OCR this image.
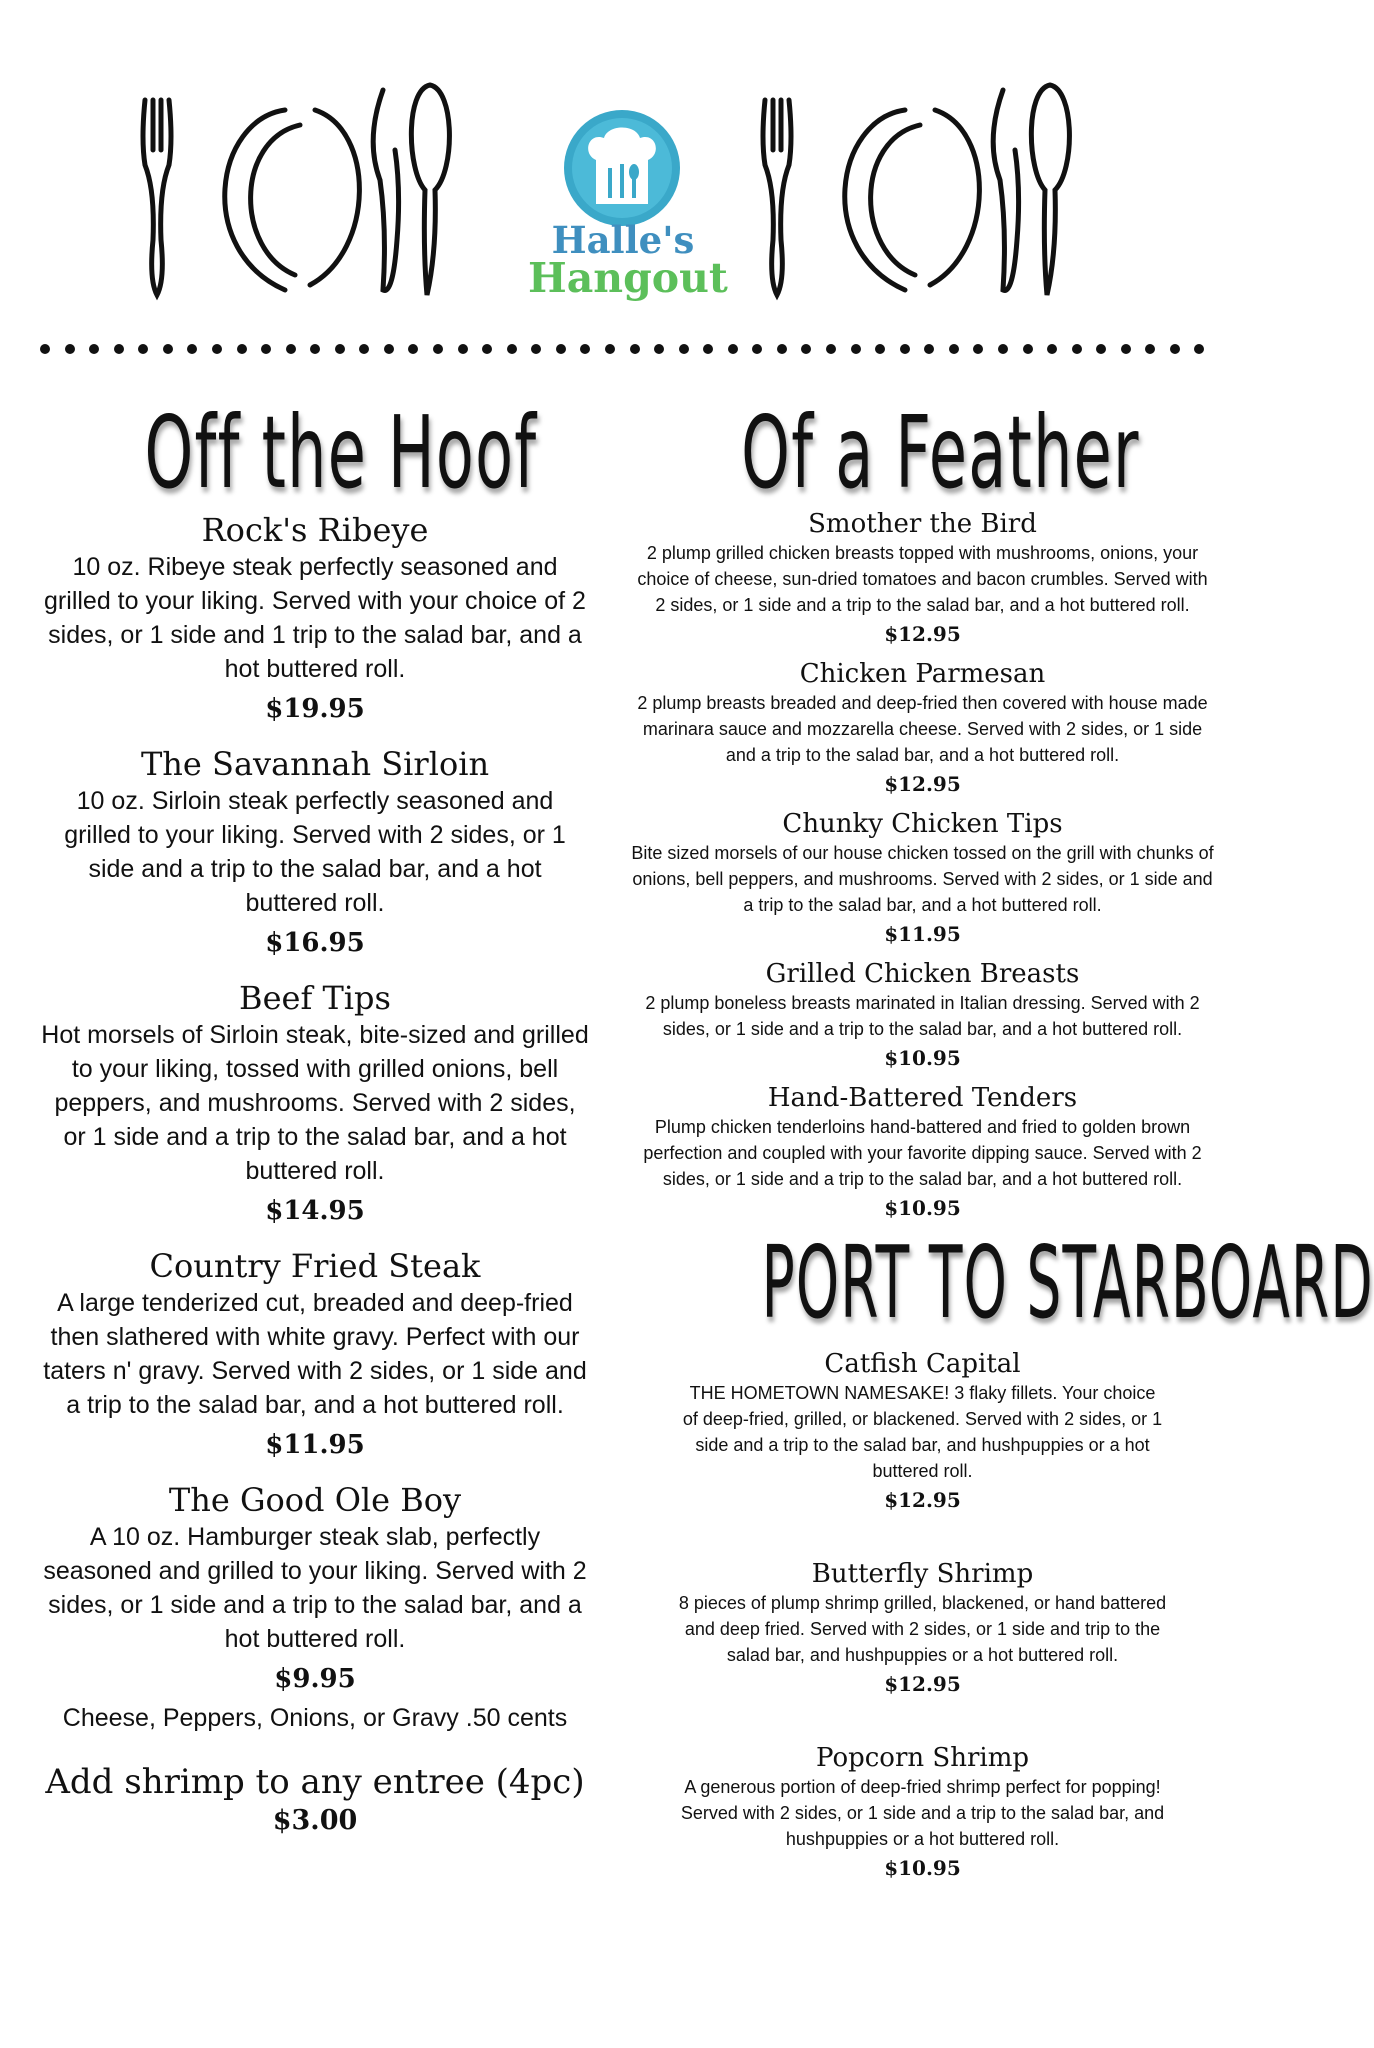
Halle's
Hangout
Off the Hoof
Rock's Ribeye
10 oz. Ribeye steak perfectly seasoned and grilled to your liking. Served with your choice of 2 sides, or 1 side and 1 trip to the salad bar, and a hot buttered roll.
$19.95
The Savannah Sirloin
10 oz. Sirloin steak perfectly seasoned and grilled to your liking. Served with 2 sides, or 1 side and a trip to the salad bar, and a hot buttered roll.
$16.95
Beef Tips
Hot morsels of Sirloin steak, bite-sized and grilled to your liking, tossed with grilled onions, bell peppers, and mushrooms. Served with 2 sides, or 1 side and a trip to the salad bar, and a hot buttered roll.
$14.95
Country Fried Steak
A large tenderized cut, breaded and deep-fried then slathered with white gravy. Perfect with our taters n' gravy. Served with 2 sides, or 1 side and a trip to the salad bar, and a hot buttered roll.
$11.95
The Good Ole Boy
A 10 oz. Hamburger steak slab, perfectly seasoned and grilled to your liking. Served with 2 sides, or 1 side and a trip to the salad bar, and a hot buttered roll.
$9.95
Cheese, Peppers, Onions, or Gravy .50 cents
Add shrimp to any entree (4pc)
$3.00
Of a Feather
Smother the Bird
2 plump grilled chicken breasts topped with mushrooms, onions, your choice of cheese, sun-dried tomatoes and bacon crumbles. Served with 2 sides, or 1 side and a trip to the salad bar, and a hot buttered roll.
$12.95
Chicken Parmesan
2 plump breasts breaded and deep-fried then covered with house made marinara sauce and mozzarella cheese. Served with 2 sides, or 1 side and a trip to the salad bar, and a hot buttered roll.
$12.95
Chunky Chicken Tips
Bite sized morsels of our house chicken tossed on the grill with chunks of onions, bell peppers, and mushrooms. Served with 2 sides, or 1 side and a trip to the salad bar, and a hot buttered roll.
$11.95
Grilled Chicken Breasts
2 plump boneless breasts marinated in Italian dressing. Served with 2 sides, or 1 side and a trip to the salad bar, and a hot buttered roll.
$10.95
Hand-Battered Tenders
Plump chicken tenderloins hand-battered and fried to golden brown perfection and coupled with your favorite dipping sauce. Served with 2 sides, or 1 side and a trip to the salad bar, and a hot buttered roll.
$10.95
PORT TO STARBOARD
Catfish Capital
THE HOMETOWN NAMESAKE! 3 flaky fillets. Your choice of deep-fried, grilled, or blackened. Served with 2 sides, or 1 side and a trip to the salad bar, and hushpuppies or a hot buttered roll.
$12.95
Butterfly Shrimp
8 pieces of plump shrimp grilled, blackened, or hand battered and deep fried. Served with 2 sides, or 1 side and trip to the salad bar, and hushpuppies or a hot buttered roll.
$12.95
Popcorn Shrimp
A generous portion of deep-fried shrimp perfect for popping! Served with 2 sides, or 1 side and a trip to the salad bar, and hushpuppies or a hot buttered roll.
$10.95
